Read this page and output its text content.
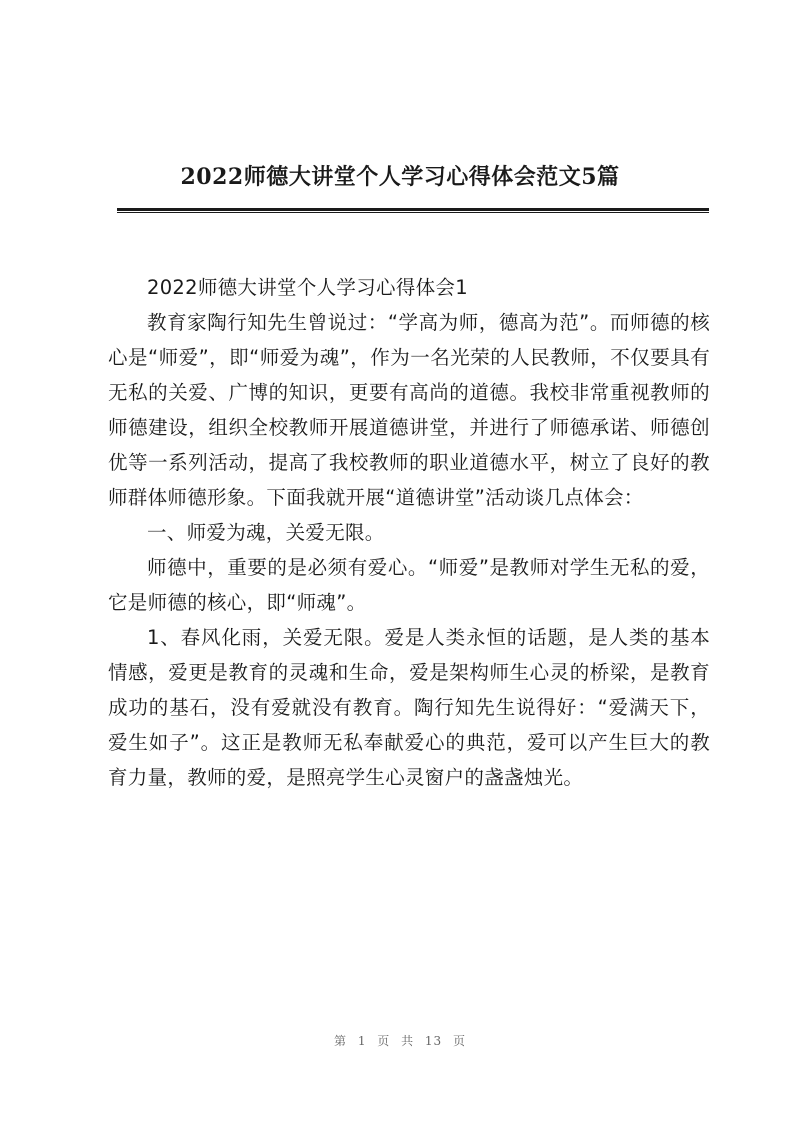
2022师德大讲堂个人学习心得体会范文5篇

2022师德大讲堂个人学习心得体会1

教育家陶行知先生曾说过：“学高为师，德高为范”。而师德的核心是“师爱”，即“师爱为魂”，作为一名光荣的人民教师，不仅要具有无私的关爱、广博的知识，更要有高尚的道德。我校非常重视教师的师德建设，组织全校教师开展道德讲堂，并进行了师德承诺、师德创优等一系列活动，提高了我校教师的职业道德水平，树立了良好的教师群体师德形象。下面我就开展“道德讲堂”活动谈几点体会：

一、师爱为魂，关爱无限。

师德中，重要的是必须有爱心。“师爱”是教师对学生无私的爱，它是师德的核心，即“师魂”。

1、春风化雨，关爱无限。爱是人类永恒的话题，是人类的基本情感，爱更是教育的灵魂和生命，爱是架构师生心灵的桥梁，是教育成功的基石，没有爱就没有教育。陶行知先生说得好：“爱满天下，爱生如子”。这正是教师无私奉献爱心的典范，爱可以产生巨大的教育力量，教师的爱，是照亮学生心灵窗户的盏盏烛光。

第 1 页 共 13 页
